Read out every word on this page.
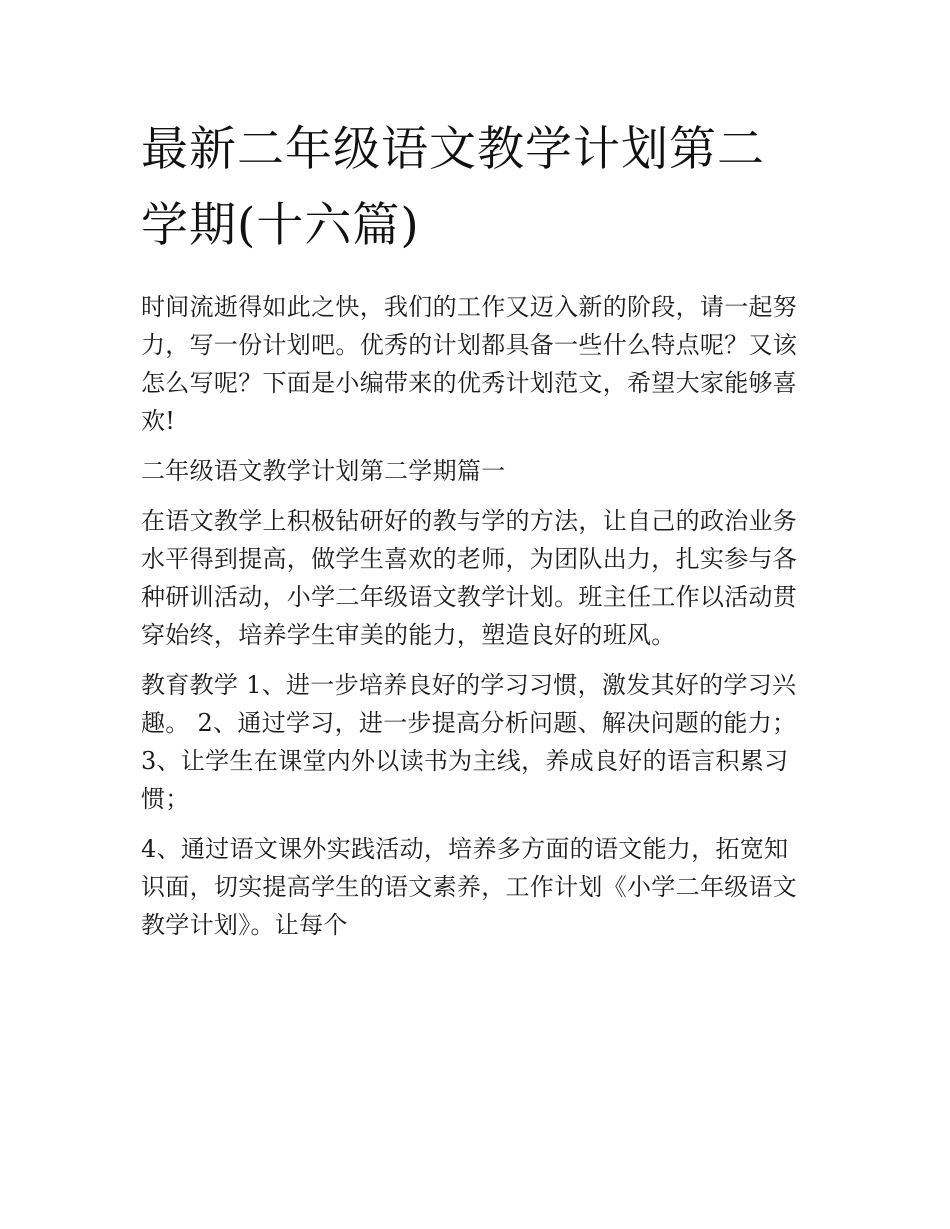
最新二年级语文教学计划第二
学期(十六篇)

时间流逝得如此之快，我们的工作又迈入新的阶段，请一起努
力，写一份计划吧。优秀的计划都具备一些什么特点呢？又该
怎么写呢？下面是小编带来的优秀计划范文，希望大家能够喜
欢!

二年级语文教学计划第二学期篇一

在语文教学上积极钻研好的教与学的方法，让自己的政治业务
水平得到提高，做学生喜欢的老师，为团队出力，扎实参与各
种研训活动，小学二年级语文教学计划。班主任工作以活动贯
穿始终，培养学生审美的能力，塑造良好的班风。

教育教学 1、进一步培养良好的学习习惯，激发其好的学习兴
趣。 2、通过学习，进一步提高分析问题、解决问题的能力；
3、让学生在课堂内外以读书为主线，养成良好的语言积累习
惯；

4、通过语文课外实践活动，培养多方面的语文能力，拓宽知
识面，切实提高学生的语文素养，工作计划《小学二年级语文
教学计划》。让每个
